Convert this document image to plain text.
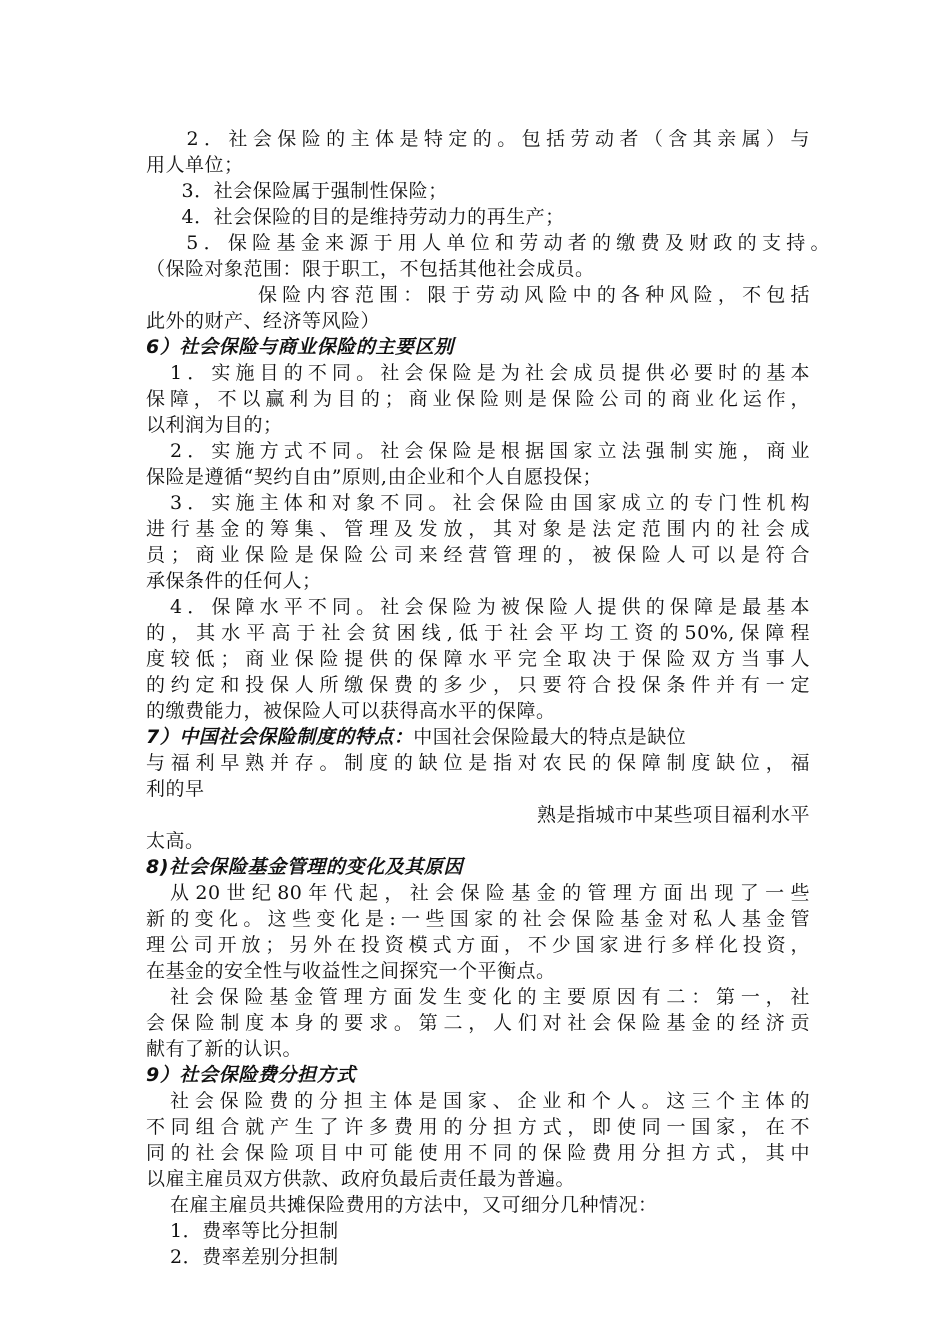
　2．社会保险的主体是特定的。包括劳动者（含其亲属）与
用人单位；
　3．社会保险属于强制性保险；
　4．社会保险的目的是维持劳动力的再生产；
　5．保险基金来源于用人单位和劳动者的缴费及财政的支持。
（保险对象范围：限于职工，不包括其他社会成员。
保险内容范围：限于劳动风险中的各种风险，不包括
此外的财产、经济等风险）
6）社会保险与商业保险的主要区别
1．实施目的不同。社会保险是为社会成员提供必要时的基本
保障，不以赢利为目的；商业保险则是保险公司的商业化运作，
以利润为目的；
2．实施方式不同。社会保险是根据国家立法强制实施，商业
保险是遵循“契约自由”原则,由企业和个人自愿投保；
3．实施主体和对象不同。社会保险由国家成立的专门性机构
进行基金的筹集、管理及发放，其对象是法定范围内的社会成
员；商业保险是保险公司来经营管理的，被保险人可以是符合
承保条件的任何人；
4．保障水平不同。社会保险为被保险人提供的保障是最基本
的，其水平高于社会贫困线,低于社会平均工资的50%,保障程
度较低；商业保险提供的保障水平完全取决于保险双方当事人
的约定和投保人所缴保费的多少，只要符合投保条件并有一定
的缴费能力，被保险人可以获得高水平的保障。
7）中国社会保险制度的特点：中国社会保险最大的特点是缺位
与福利早熟并存。制度的缺位是指对农民的保障制度缺位，福
利的早
熟是指城市中某些项目福利水平
太高。
8)社会保险基金管理的变化及其原因
从20世纪80年代起，社会保险基金的管理方面出现了一些
新的变化。这些变化是:一些国家的社会保险基金对私人基金管
理公司开放；另外在投资模式方面，不少国家进行多样化投资，
在基金的安全性与收益性之间探究一个平衡点。
社会保险基金管理方面发生变化的主要原因有二：第一，社
会保险制度本身的要求。第二，人们对社会保险基金的经济贡
献有了新的认识。
9）社会保险费分担方式
社会保险费的分担主体是国家、企业和个人。这三个主体的
不同组合就产生了许多费用的分担方式，即使同一国家，在不
同的社会保险项目中可能使用不同的保险费用分担方式，其中
以雇主雇员双方供款、政府负最后责任最为普遍。
在雇主雇员共摊保险费用的方法中，又可细分几种情况：
1．费率等比分担制
2．费率差别分担制
